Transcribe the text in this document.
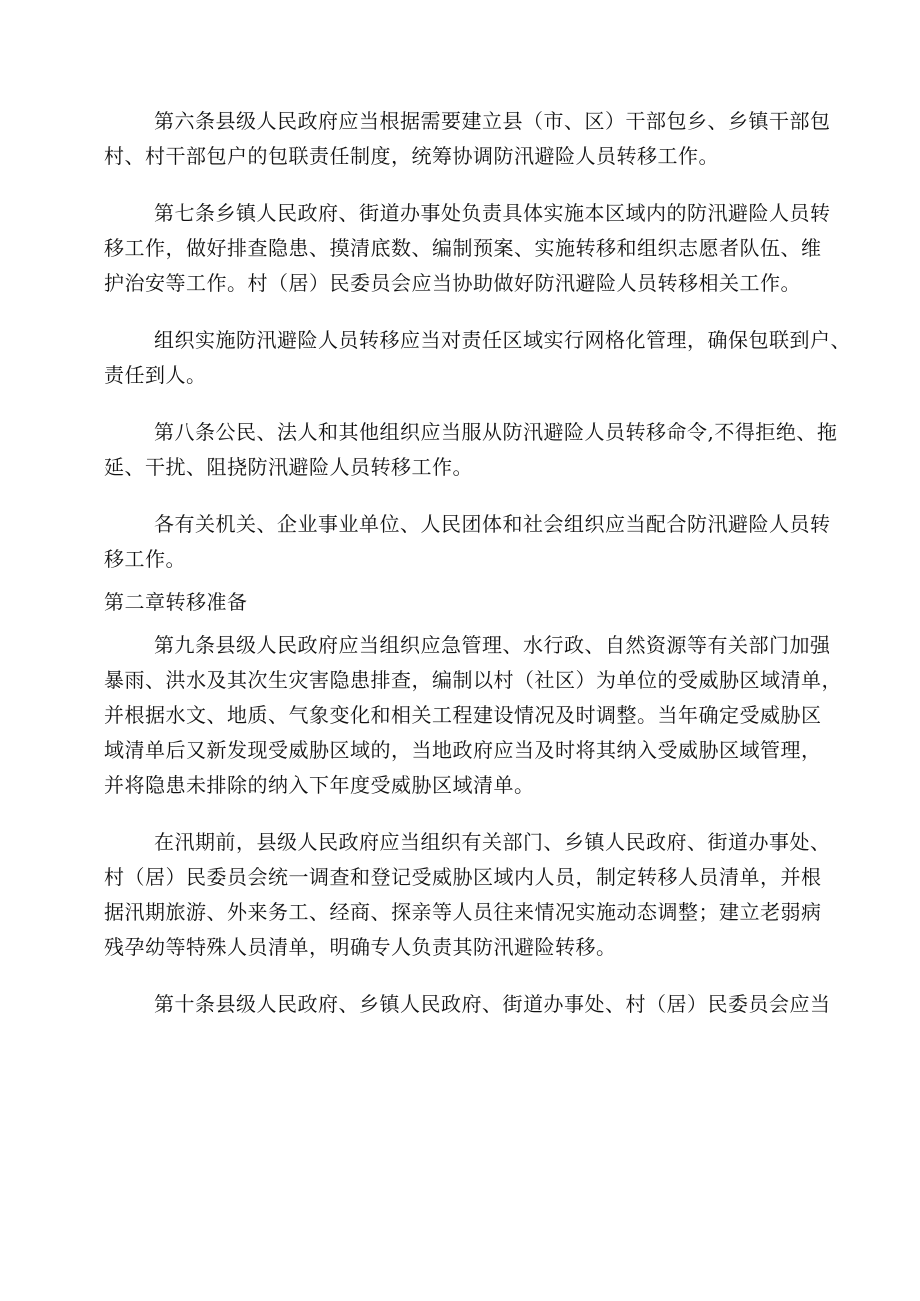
第六条县级人民政府应当根据需要建立县（市、区）干部包乡、乡镇干部包
村、村干部包户的包联责任制度，统筹协调防汛避险人员转移工作。
第七条乡镇人民政府、街道办事处负责具体实施本区域内的防汛避险人员转
移工作，做好排查隐患、摸清底数、编制预案、实施转移和组织志愿者队伍、维
护治安等工作。村（居）民委员会应当协助做好防汛避险人员转移相关工作。
组织实施防汛避险人员转移应当对责任区域实行网格化管理，确保包联到户、
责任到人。
第八条公民、法人和其他组织应当服从防汛避险人员转移命令,不得拒绝、拖
延、干扰、阻挠防汛避险人员转移工作。
各有关机关、企业事业单位、人民团体和社会组织应当配合防汛避险人员转
移工作。
第二章转移准备
第九条县级人民政府应当组织应急管理、水行政、自然资源等有关部门加强
暴雨、洪水及其次生灾害隐患排查，编制以村（社区）为单位的受威胁区域清单，
并根据水文、地质、气象变化和相关工程建设情况及时调整。当年确定受威胁区
域清单后又新发现受威胁区域的，当地政府应当及时将其纳入受威胁区域管理，
并将隐患未排除的纳入下年度受威胁区域清单。
在汛期前，县级人民政府应当组织有关部门、乡镇人民政府、街道办事处、
村（居）民委员会统一调查和登记受威胁区域内人员，制定转移人员清单，并根
据汛期旅游、外来务工、经商、探亲等人员往来情况实施动态调整；建立老弱病
残孕幼等特殊人员清单，明确专人负责其防汛避险转移。
第十条县级人民政府、乡镇人民政府、街道办事处、村（居）民委员会应当
